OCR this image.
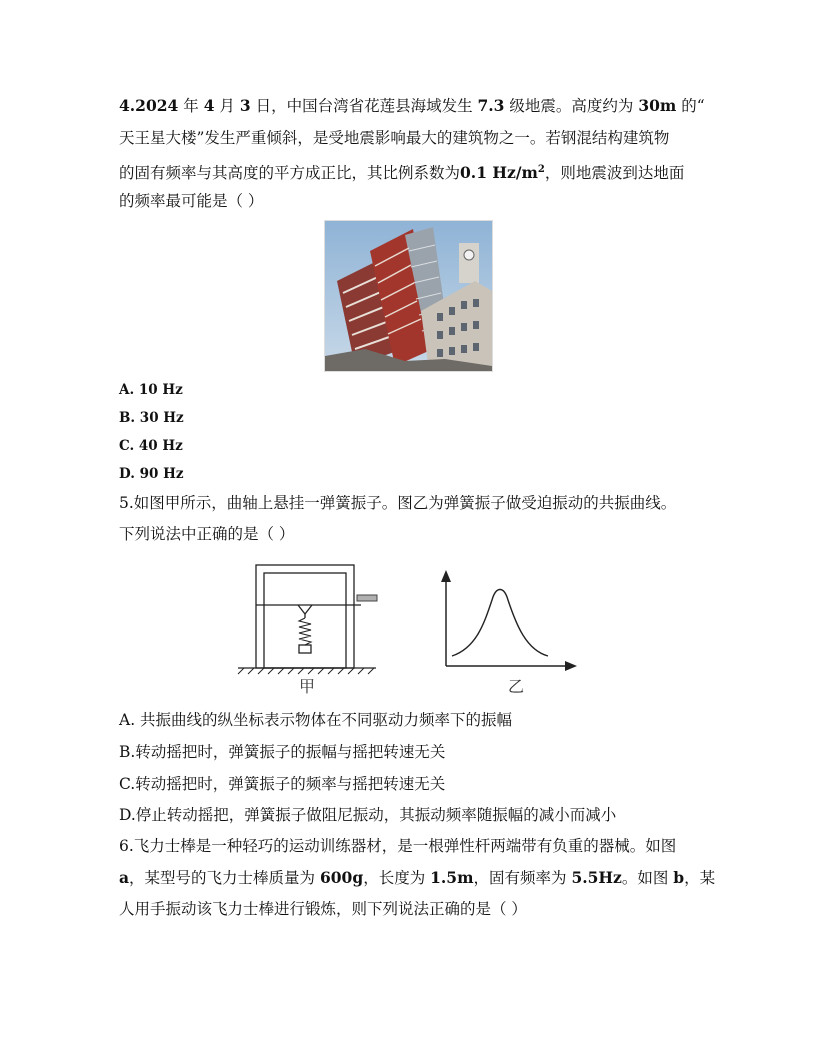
4.2024 年 4 月 3 日，中国台湾省花莲县海域发生 7.3 级地震。高度约为 30m 的“
天王星大楼”发生严重倾斜，是受地震影响最大的建筑物之一。若钢混结构建筑物
的固有频率与其高度的平方成正比，其比例系数为0.1 $Hz/m^2$，则地震波到达地面
的频率最可能是（ ）
A. 10 Hz
B. 30 Hz
C. 40 Hz
D. 90 Hz
5.如图甲所示，曲轴上悬挂一弹簧振子。图乙为弹簧振子做受迫振动的共振曲线。
下列说法中正确的是（ ）
甲	乙
A. 共振曲线的纵坐标表示物体在不同驱动力频率下的振幅
B.转动摇把时，弹簧振子的振幅与摇把转速无关
C.转动摇把时，弹簧振子的频率与摇把转速无关
D.停止转动摇把，弹簧振子做阻尼振动，其振动频率随振幅的减小而减小
6.飞力士棒是一种轻巧的运动训练器材，是一根弹性杆两端带有负重的器械。如图
a，某型号的飞力士棒质量为 600g，长度为 1.5m，固有频率为 5.5Hz。如图 b，某
人用手振动该飞力士棒进行锻炼，则下列说法正确的是（ ）
